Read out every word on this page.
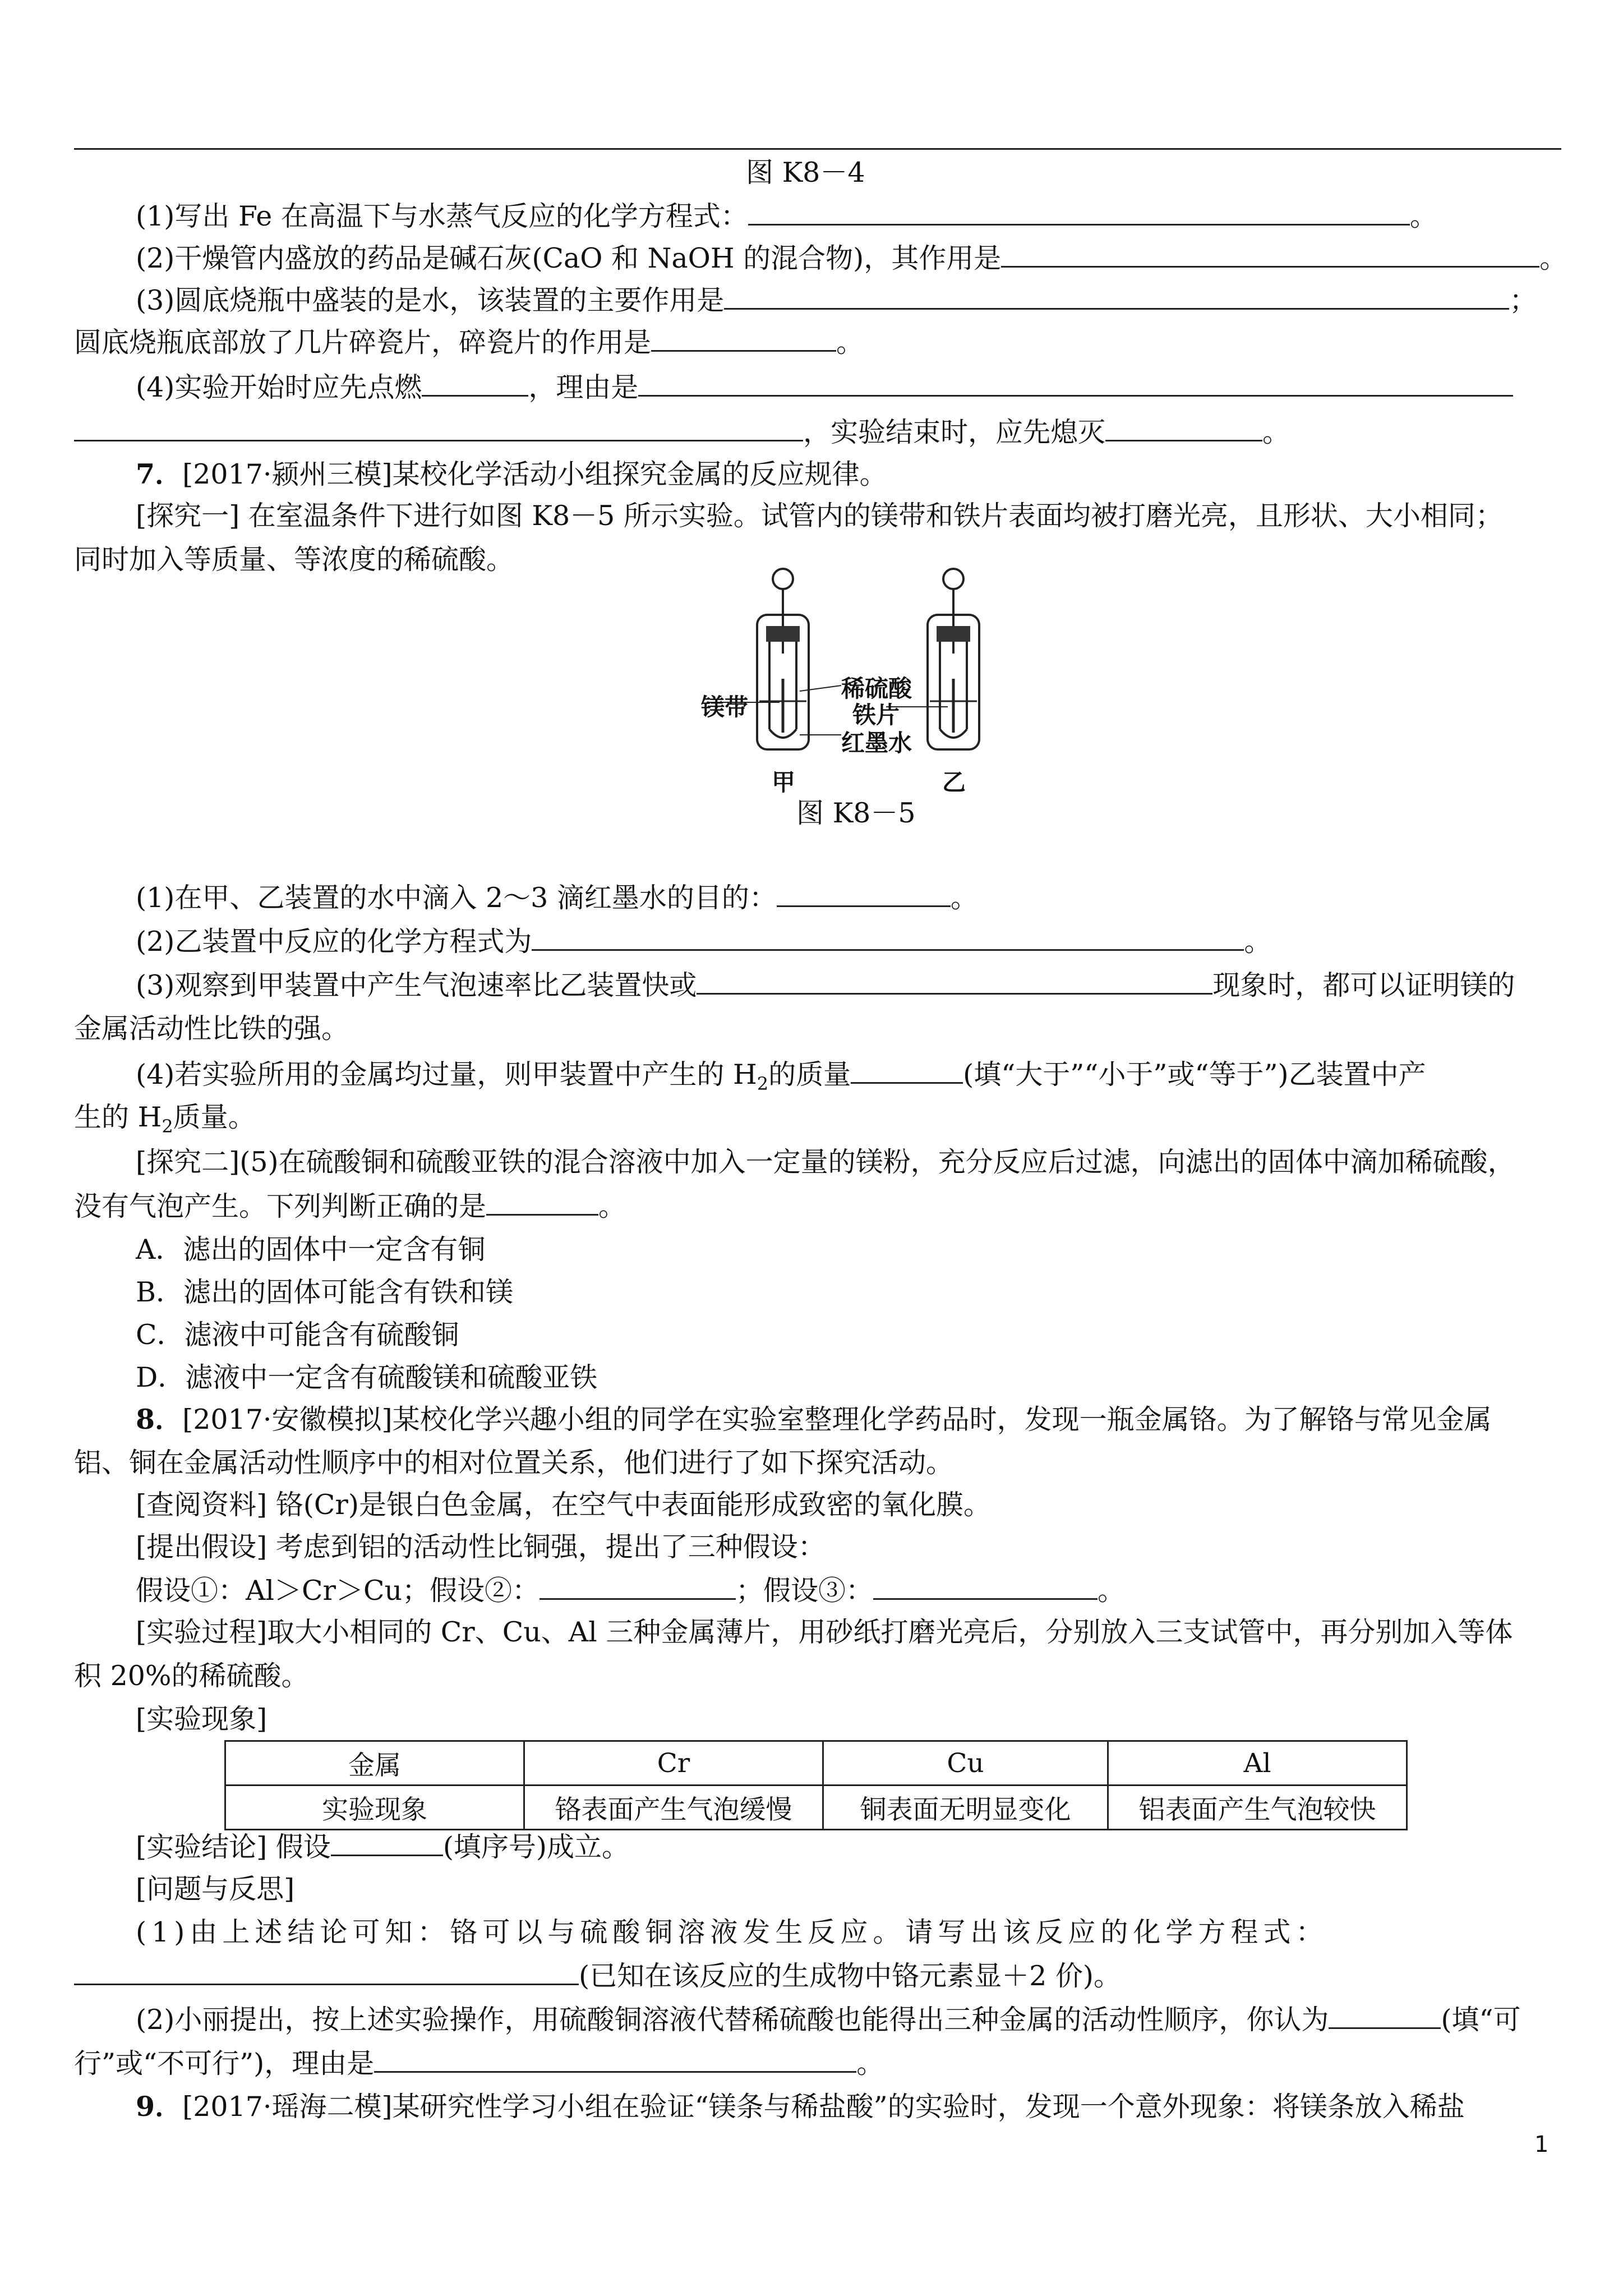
图 K8－4
(1)写出 Fe 在高温下与水蒸气反应的化学方程式：	。
(2)干燥管内盛放的药品是碱石灰(CaO 和 NaOH 的混合物)，其作用是	。
(3)圆底烧瓶中盛装的是水，该装置的主要作用是	；
圆底烧瓶底部放了几片碎瓷片，碎瓷片的作用是	。
(4)实验开始时应先点燃	，理由是
，实验结束时，应先熄灭	。
7．[2017·颍州三模]某校化学活动小组探究金属的反应规律。
[探究一] 在室温条件下进行如图 K8－5 所示实验。试管内的镁带和铁片表面均被打磨光亮，且形状、大小相同；
同时加入等质量、等浓度的稀硫酸。
镁带
稀硫酸
铁片
红墨水
甲	乙
图 K8－5
(1)在甲、乙装置的水中滴入 2～3 滴红墨水的目的：	。
(2)乙装置中反应的化学方程式为	。
(3)观察到甲装置中产生气泡速率比乙装置快或	现象时，都可以证明镁的
金属活动性比铁的强。
(4)若实验所用的金属均过量，则甲装置中产生的 $H_2$的质量	(填“大于”“小于”或“等于”)乙装置中产
生的 $H_2$质量。
[探究二](5)在硫酸铜和硫酸亚铁的混合溶液中加入一定量的镁粉，充分反应后过滤，向滤出的固体中滴加稀硫酸，
没有气泡产生。下列判断正确的是	。
A．滤出的固体中一定含有铜
B．滤出的固体可能含有铁和镁
C．滤液中可能含有硫酸铜
D．滤液中一定含有硫酸镁和硫酸亚铁
8．[2017·安徽模拟]某校化学兴趣小组的同学在实验室整理化学药品时，发现一瓶金属铬。为了解铬与常见金属
铝、铜在金属活动性顺序中的相对位置关系，他们进行了如下探究活动。
[查阅资料] 铬(Cr)是银白色金属，在空气中表面能形成致密的氧化膜。
[提出假设] 考虑到铝的活动性比铜强，提出了三种假设：
假设①：Al＞Cr＞Cu；假设②：	；假设③：	。
[实验过程]取大小相同的 Cr、Cu、Al 三种金属薄片，用砂纸打磨光亮后，分别放入三支试管中，再分别加入等体
积 20%的稀硫酸。
[实验现象]
金属	Cr	Cu	Al
实验现象	铬表面产生气泡缓慢	铜表面无明显变化	铝表面产生气泡较快
[实验结论] 假设	(填序号)成立。
[问题与反思]
(1)由上述结论可知：铬可以与硫酸铜溶液发生反应。请写出该反应的化学方程式：
(已知在该反应的生成物中铬元素显＋2 价)。
(2)小丽提出，按上述实验操作，用硫酸铜溶液代替稀硫酸也能得出三种金属的活动性顺序，你认为	(填“可
行”或“不可行”)，理由是	。
9．[2017·瑶海二模]某研究性学习小组在验证“镁条与稀盐酸”的实验时，发现一个意外现象：将镁条放入稀盐
1
